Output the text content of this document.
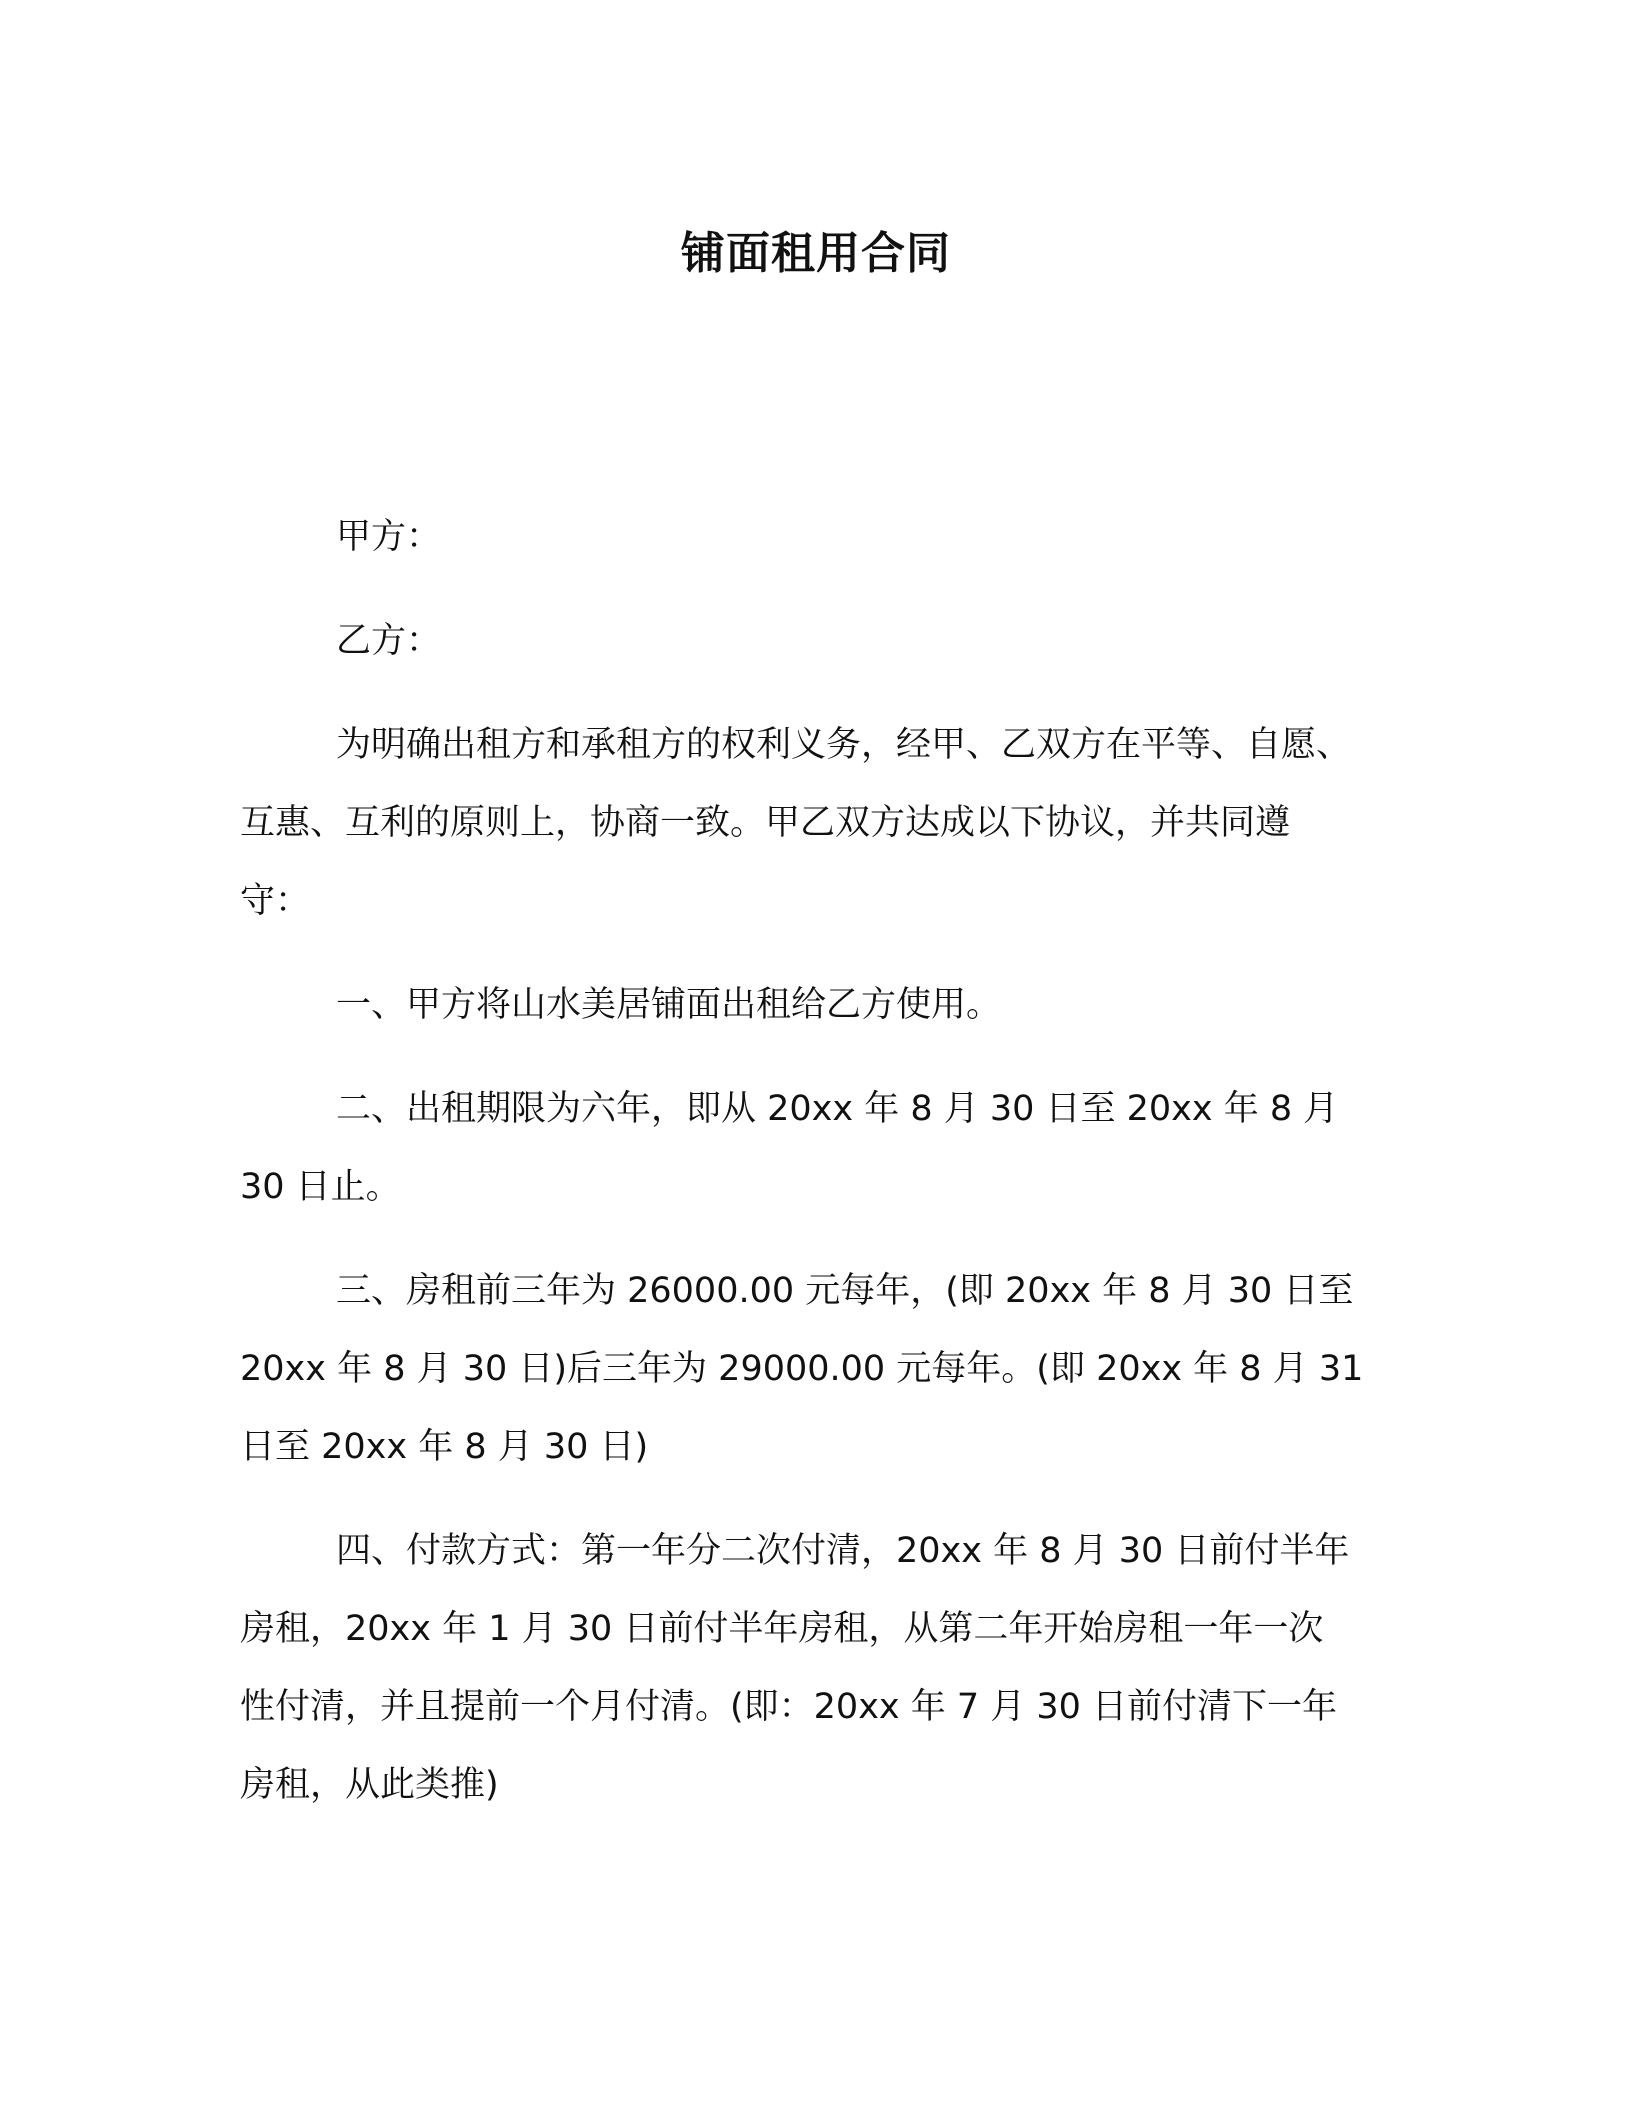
铺面租用合同
甲方：
乙方：
为明确出租方和承租方的权利义务，经甲、乙双方在平等、自愿、
互惠、互利的原则上，协商一致。甲乙双方达成以下协议，并共同遵
守：
一、甲方将山水美居铺面出租给乙方使用。
二、出租期限为六年，即从 20xx 年 8 月 30 日至 20xx 年 8 月
30 日止。
三、房租前三年为 26000.00 元每年，(即 20xx 年 8 月 30 日至
20xx 年 8 月 30 日)后三年为 29000.00 元每年。(即 20xx 年 8 月 31
日至 20xx 年 8 月 30 日)
四、付款方式：第一年分二次付清，20xx 年 8 月 30 日前付半年
房租，20xx 年 1 月 30 日前付半年房租，从第二年开始房租一年一次
性付清，并且提前一个月付清。(即：20xx 年 7 月 30 日前付清下一年
房租，从此类推)
